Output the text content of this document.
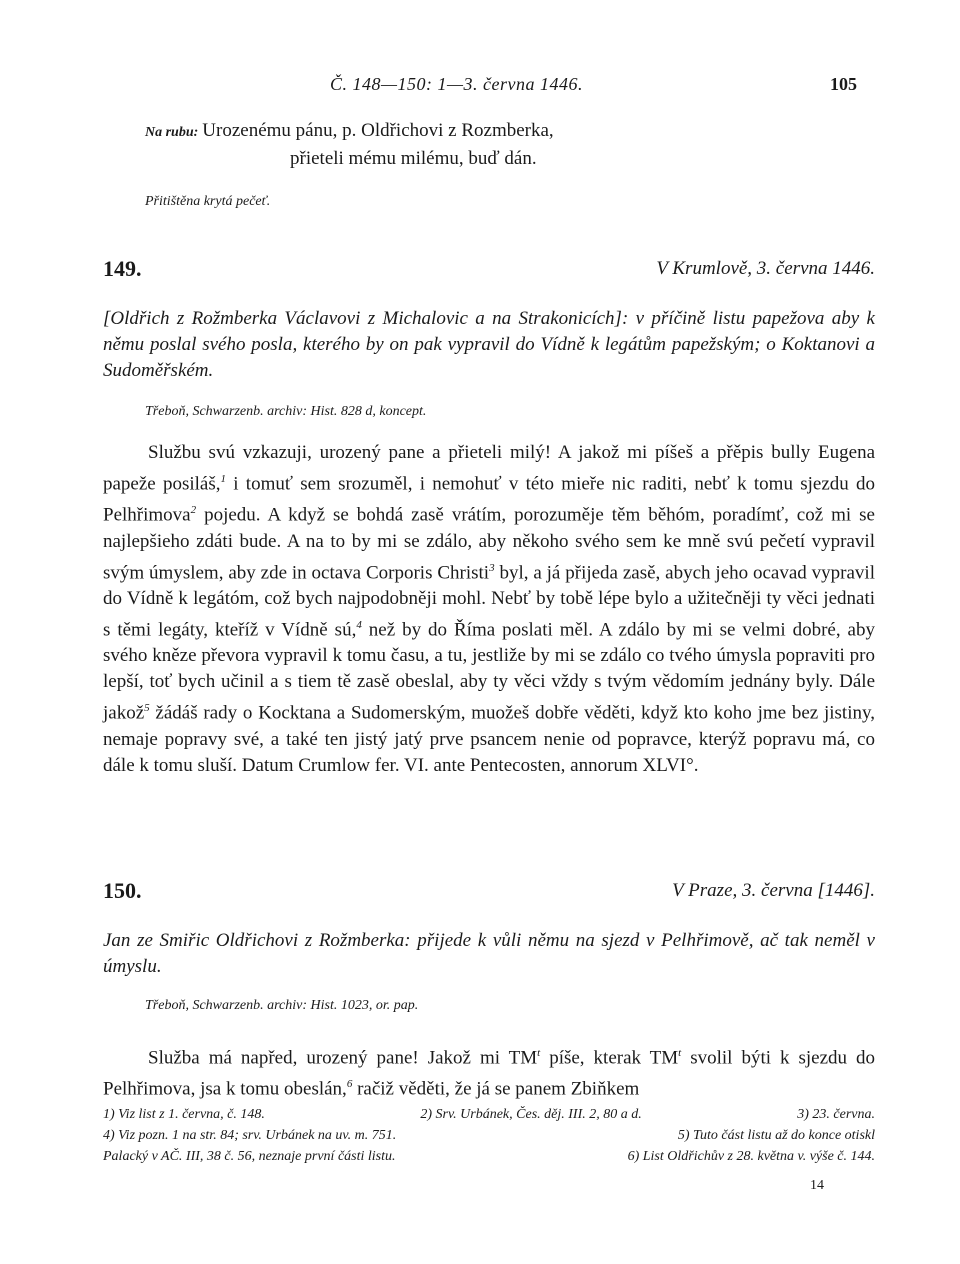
Č. 148—150: 1—3. června 1446.	105
Na rubu: Urozenému pánu, p. Oldřichovi z Rozmberka,
přieteli mému milému, buď dán.
Přitištěna krytá pečeť.
149.	V Krumlově, 3. června 1446.
[Oldřich z Rožmberka Václavovi z Michalovic a na Strakonicích]: v příčině listu papežova aby k němu poslal svého posla, kterého by on pak vypravil do Vídně k legátům papežským; o Koktanovi a Sudoměřském.
Třeboň, Schwarzenb. archiv: Hist. 828 d, koncept.

Službu svú vzkazuji, urozený pane a přieteli milý! A jakož mi píšeš a přěpis bully Eugena papeže posiláš,$^1$ i tomuť sem srozuměl, i nemohuť v této mieře nic raditi, nebť k tomu sjezdu do Pelhřimova$^2$ pojedu. A když se bohdá zasě vrátím, porozuměje těm běhóm, poradímť, což mi se najlepšieho zdáti bude. A na to by mi se zdálo, aby někoho svého sem ke mně svú pečetí vypravil svým úmyslem, aby zde in octava Corporis Christi$^3$ byl, a já přijeda zasě, abych jeho ocavad vypravil do Vídně k legátóm, což bych najpodobněji mohl. Nebť by tobě lépe bylo a užitečněji ty věci jednati s těmi legáty, kteříž v Vídně sú,$^4$ než by do Říma poslati měl. A zdálo by mi se velmi dobré, aby svého kněze převora vypravil k tomu času, a tu, jestliže by mi se zdálo co tvého úmysla popraviti pro lepší, toť bych učinil a s tiem tě zasě obeslal, aby ty věci vždy s tvým vědomím jednány byly. Dále jakož$^5$ žádáš rady o Kocktana a Sudomerským, muožeš dobře věděti, když kto koho jme bez jistiny, nemaje popravy své, a také ten jistý jatý prve psancem nenie od popravce, kterýž popravu má, co dále k tomu sluší. Datum Crumlow fer. VI. ante Pentecosten, annorum XLVI°.

150.	V Praze, 3. června [1446].
Jan ze Smiřic Oldřichovi z Rožmberka: přijede k vůli němu na sjezd v Pelhřimově, ač tak neměl v úmyslu.
Třeboň, Schwarzenb. archiv: Hist. 1023, or. pap.

Služba má napřed, urozený pane! Jakož mi $TM^t$ píše, kterak $TM^t$ svolil býti k sjezdu do Pelhřimova, jsa k tomu obeslán,$^6$ račiž věděti, že já se panem Zbiňkem

1) Viz list z 1. června, č. 148.	2) Srv. Urbánek, Čes. děj. III. 2, 80 a d.	3) 23. června.
4) Viz pozn. 1 na str. 84; srv. Urbánek na uv. m. 751.	5) Tuto část listu až do konce otiskl
Palacký v AČ. III, 38 č. 56, neznaje první části listu.	6) List Oldřichův z 28. května v. výše č. 144.
14
